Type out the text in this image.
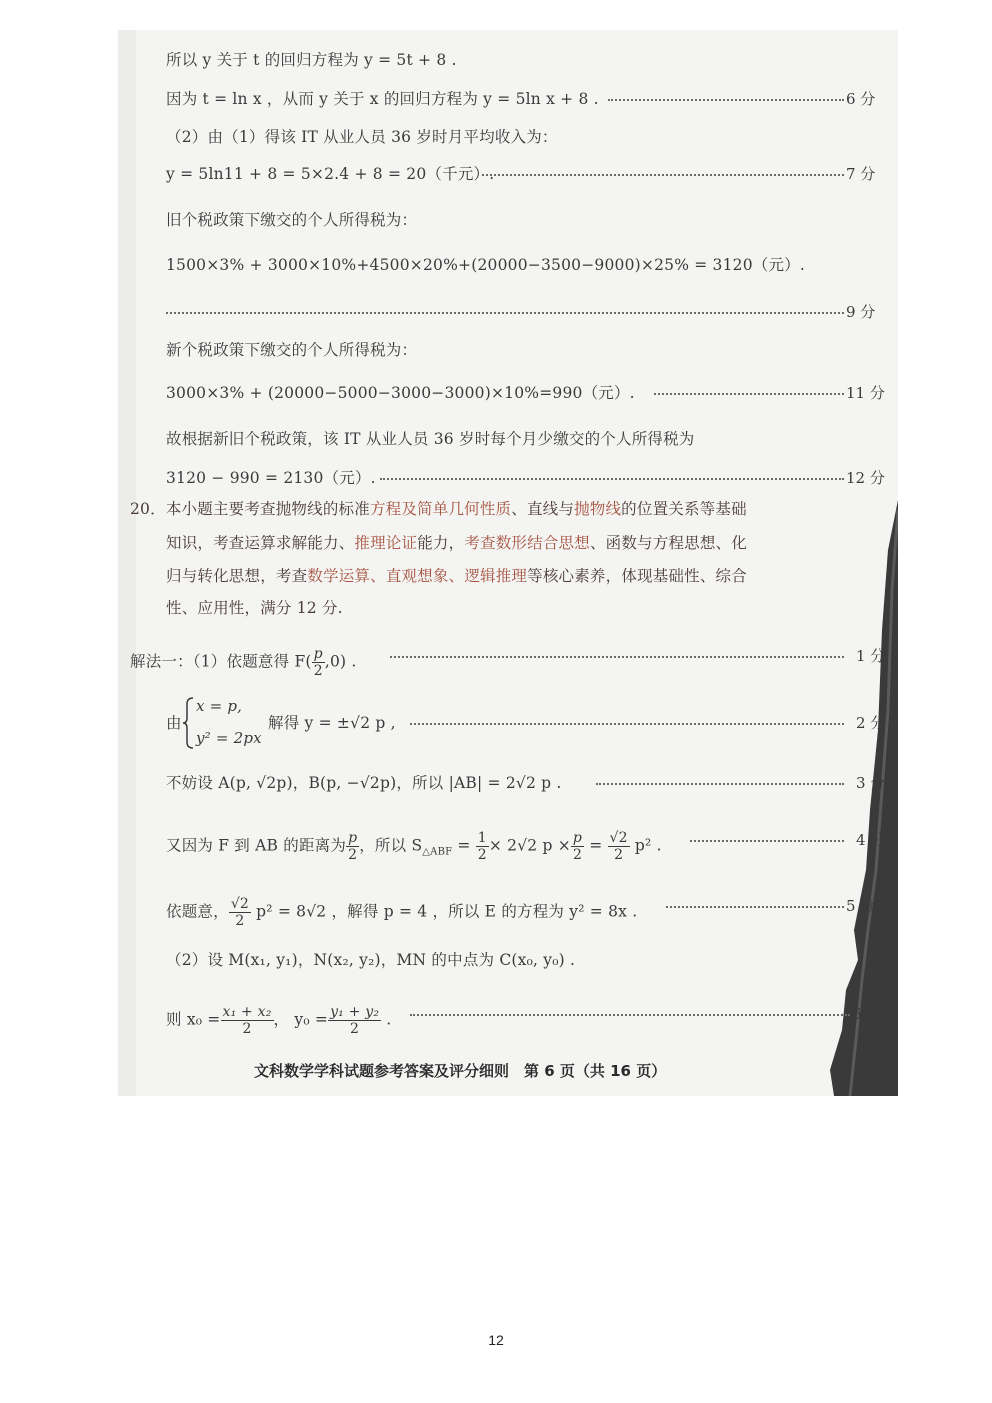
所以 y 关于 t 的回归方程为 y = 5t + 8 .
因为 t = ln x ，从而 y 关于 x 的回归方程为 y = 5ln x + 8 .	6 分
（2）由（1）得该 IT 从业人员 36 岁时月平均收入为：
y = 5ln11 + 8 = 5×2.4 + 8 = 20（千元）.	7 分
旧个税政策下缴交的个人所得税为：
1500×3% + 3000×10%+4500×20%+(20000−3500−9000)×25% = 3120（元）.
9 分
新个税政策下缴交的个人所得税为：
3000×3% + (20000−5000−3000−3000)×10%=990（元）.	11 分
故根据新旧个税政策，该 IT 从业人员 36 岁时每个月少缴交的个人所得税为
3120 − 990 = 2130（元）.	12 分
20．本小题主要考查抛物线的标准方程及简单几何性质、直线与抛物线的位置关系等基础
知识，考查运算求解能力、推理论证能力，考查数形结合思想、函数与方程思想、化
归与转化思想，考查数学运算、直观想象、逻辑推理等核心素养，体现基础性、综合
性、应用性，满分 12 分.
解法一：（1）依题意得 $F( \frac{p}{2} ,0)$ .	1 分
由
x = p,
y² = 2px
解得 y = ±√2 p ,	2 分
不妨设 A(p, √2p)，B(p, −√2p)，所以 |AB| = 2√2 p .	3 分
又因为 F 到 AB 的距离为 $\frac{p}{2}$ ，所以 $S_{\triangle ABF} = \frac{1}{2} \times 2√2$ $p \times \frac{p}{2} = \frac{√2}{2} p^2$ .	4 分
依题意， $\frac{√2}{2} p^2 = 8√2$ ，解得 p = 4 ，所以 E 的方程为 y² = 8x .	5 分
（2）设 M(x₁, y₁)，N(x₂, y₂)，MN 的中点为 C(x₀, y₀) .
则 $x_0 = \frac{\text{x₁ + x₂}}{2}$ ， $y_0 = \frac{\text{y₁ + y₂}}{2}$ .	6
文科数学学科试题参考答案及评分细则　第 6 页（共 16 页）
12
